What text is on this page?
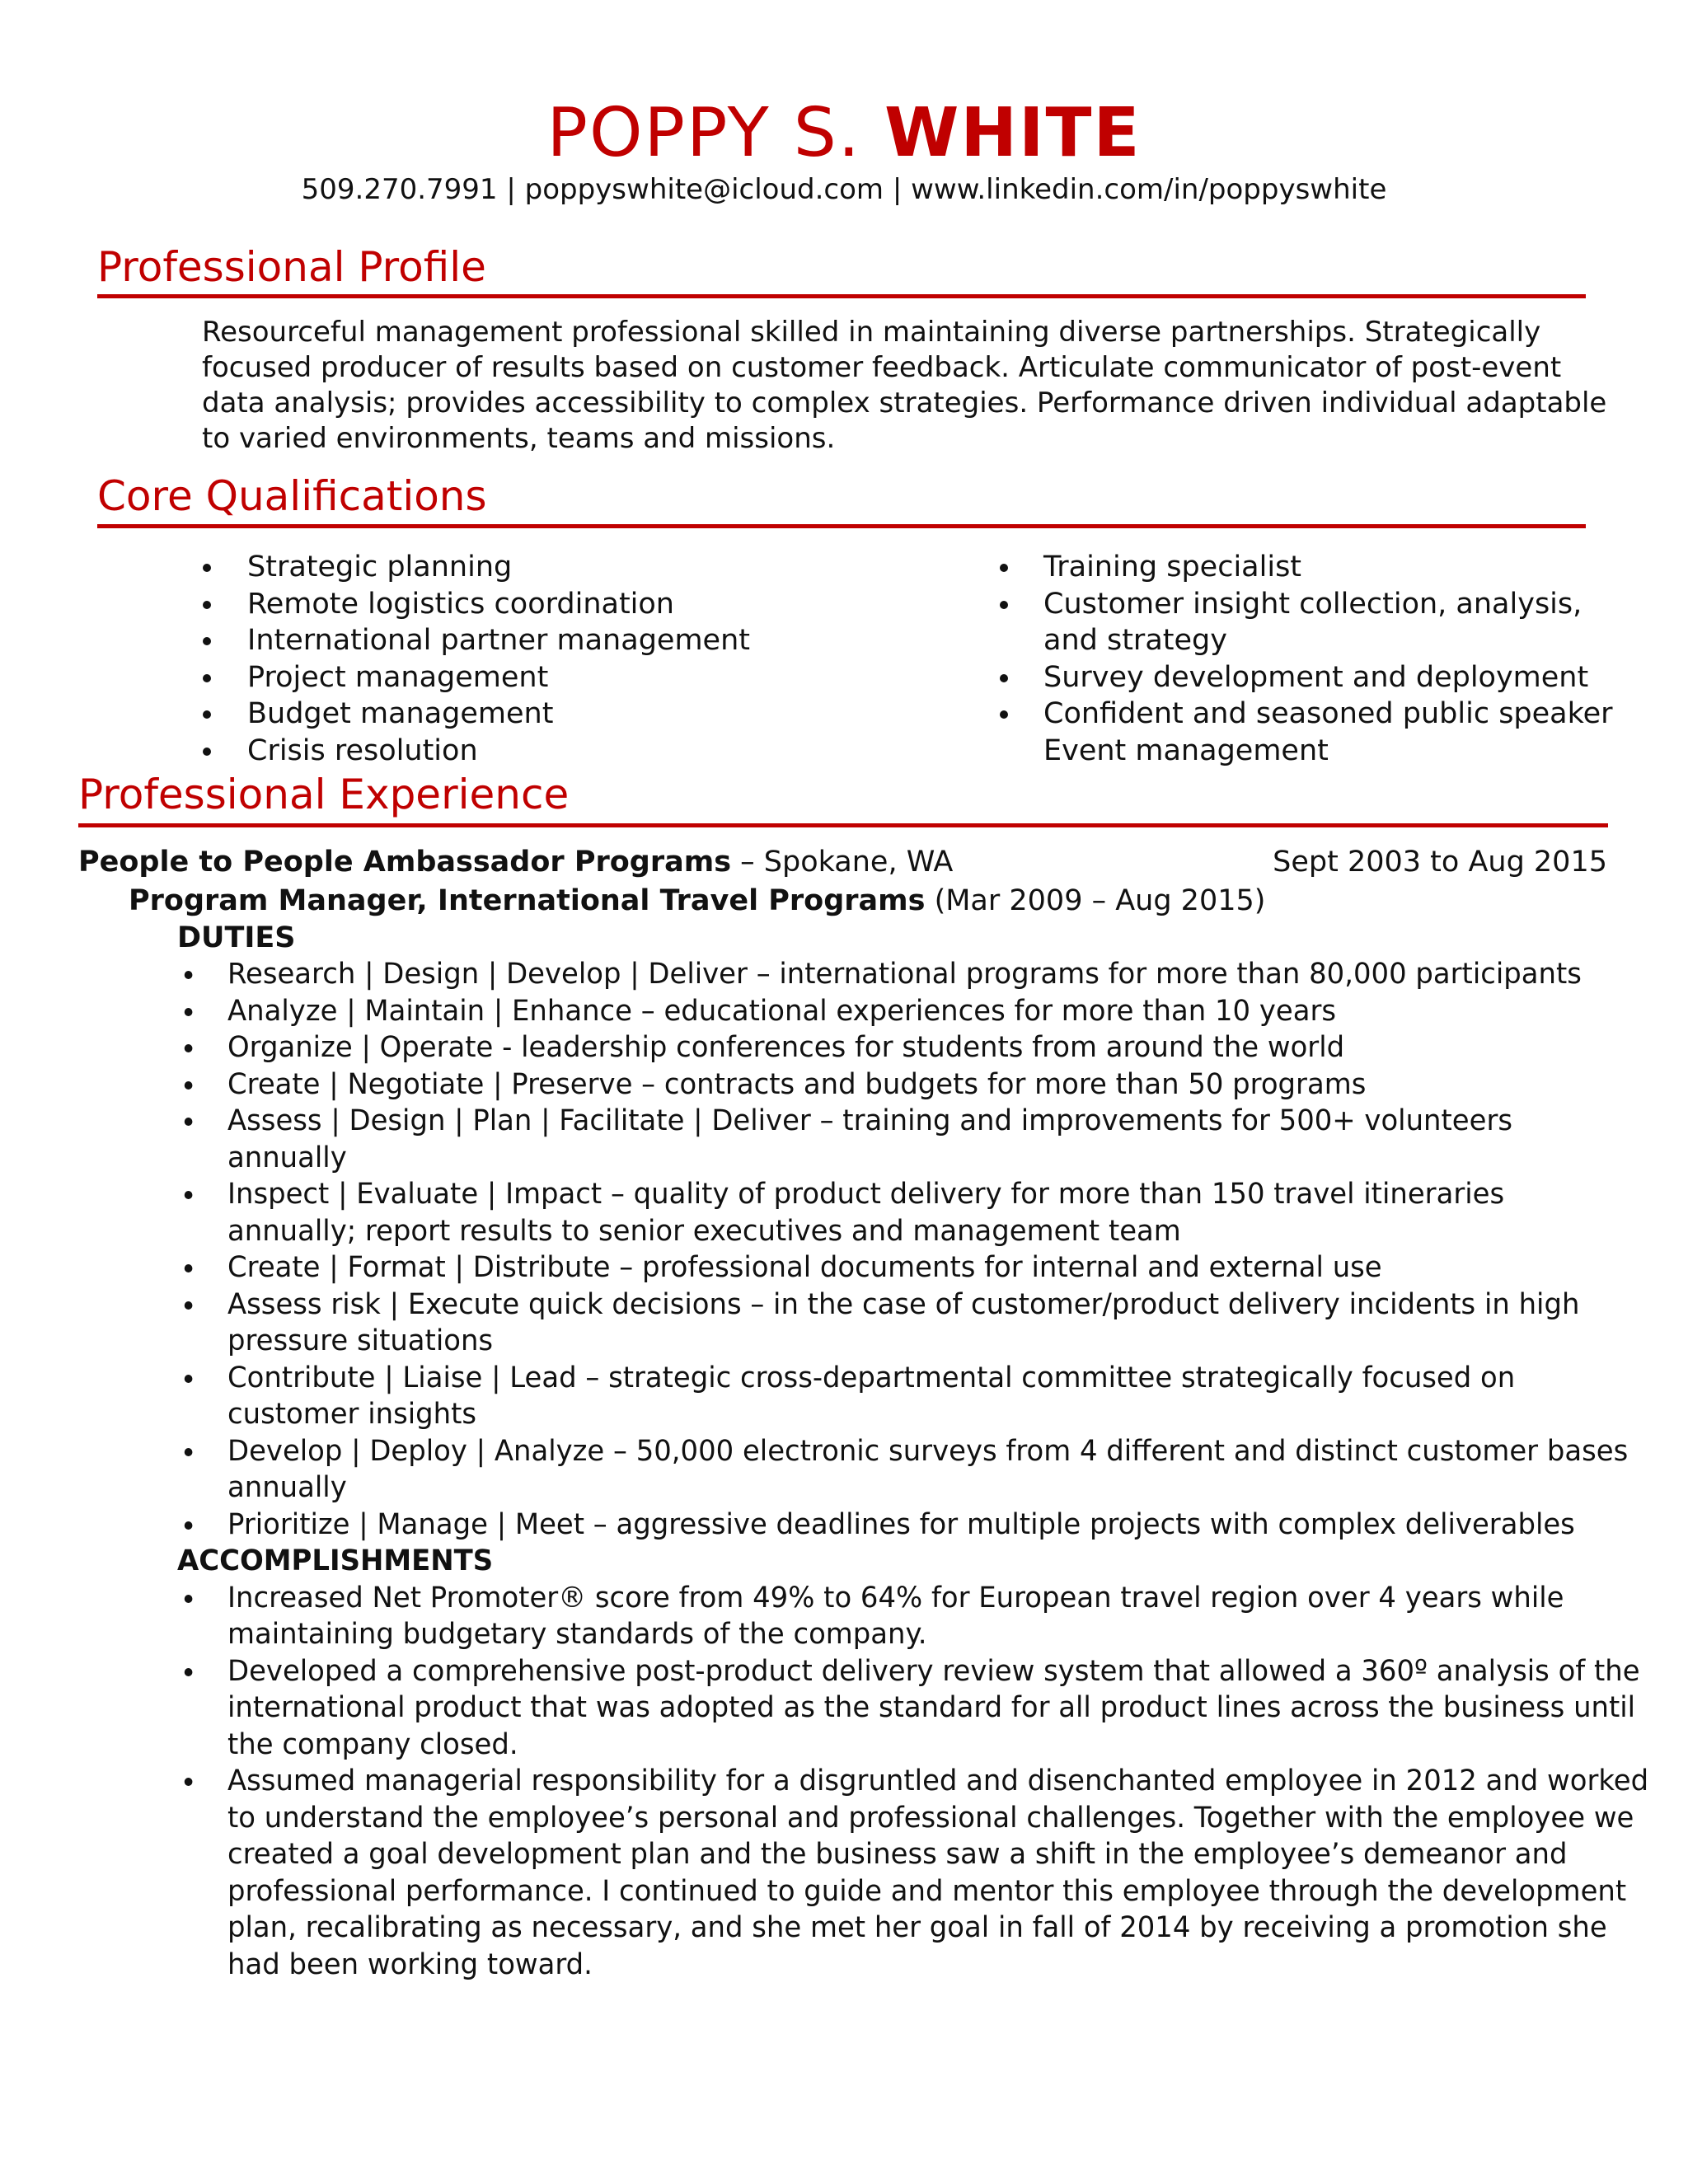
POPPY S. WHITE
509.270.7991 | poppyswhite@icloud.com | www.linkedin.com/in/poppyswhite
Professional Profile
Resourceful management professional skilled in maintaining diverse partnerships. Strategically
focused producer of results based on customer feedback. Articulate communicator of post-event
data analysis; provides accessibility to complex strategies. Performance driven individual adaptable
to varied environments, teams and missions.
Core Qualifications
Strategic planning
Remote logistics coordination
International partner management
Project management
Budget management
Crisis resolution
Training specialist
Customer insight collection, analysis,
and strategy
Survey development and deployment
Confident and seasoned public speaker
Event management
Professional Experience
People to People Ambassador Programs – Spokane, WA	Sept 2003 to Aug 2015
Program Manager, International Travel Programs (Mar 2009 – Aug 2015)
DUTIES
Research | Design | Develop | Deliver – international programs for more than 80,000 participants
Analyze | Maintain | Enhance – educational experiences for more than 10 years
Organize | Operate - leadership conferences for students from around the world
Create | Negotiate | Preserve – contracts and budgets for more than 50 programs
Assess | Design | Plan | Facilitate | Deliver – training and improvements for 500+ volunteers
annually
Inspect | Evaluate | Impact – quality of product delivery for more than 150 travel itineraries
annually; report results to senior executives and management team
Create | Format | Distribute – professional documents for internal and external use
Assess risk | Execute quick decisions – in the case of customer/product delivery incidents in high
pressure situations
Contribute | Liaise | Lead – strategic cross-departmental committee strategically focused on
customer insights
Develop | Deploy | Analyze – 50,000 electronic surveys from 4 different and distinct customer bases
annually
Prioritize | Manage | Meet – aggressive deadlines for multiple projects with complex deliverables
ACCOMPLISHMENTS
Increased Net Promoter® score from 49% to 64% for European travel region over 4 years while
maintaining budgetary standards of the company.
Developed a comprehensive post-product delivery review system that allowed a 360º analysis of the
international product that was adopted as the standard for all product lines across the business until
the company closed.
Assumed managerial responsibility for a disgruntled and disenchanted employee in 2012 and worked
to understand the employee’s personal and professional challenges. Together with the employee we
created a goal development plan and the business saw a shift in the employee’s demeanor and
professional performance. I continued to guide and mentor this employee through the development
plan, recalibrating as necessary, and she met her goal in fall of 2014 by receiving a promotion she
had been working toward.
